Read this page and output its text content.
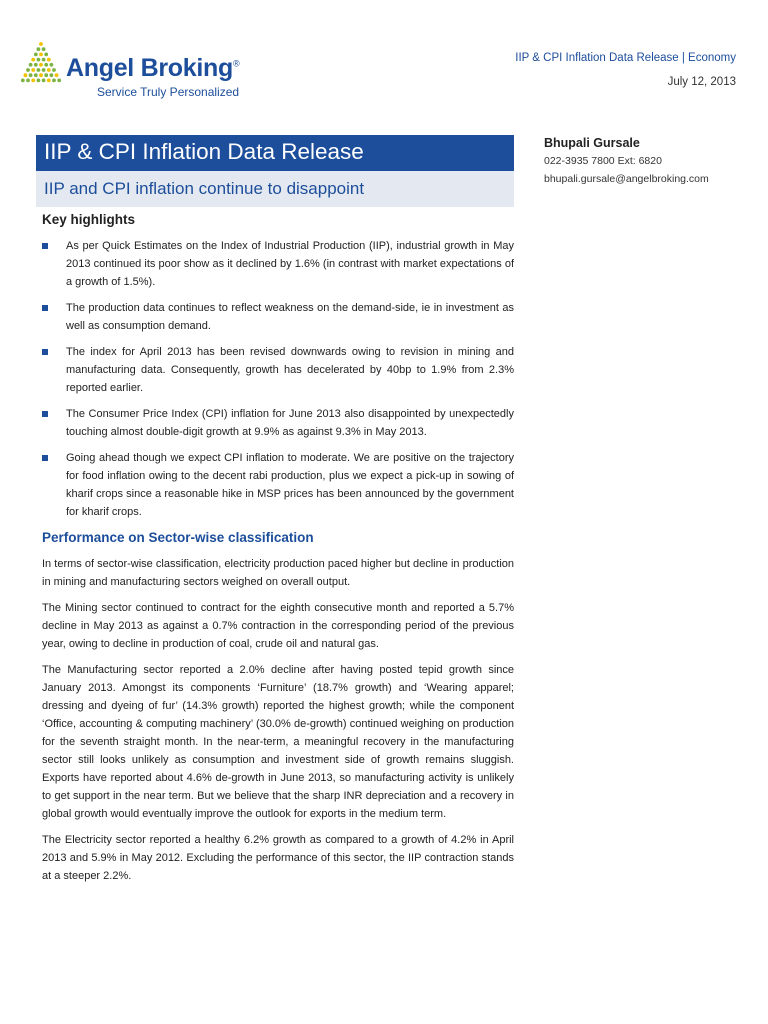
Angel Broking®
Service Truly Personalized
IIP & CPI Inflation Data Release | Economy
July 12, 2013
IIP & CPI Inflation Data Release
IIP and CPI inflation continue to disappoint
Bhupali Gursale
022-3935 7800 Ext: 6820
bhupali.gursale@angelbroking.com
Key highlights
As per Quick Estimates on the Index of Industrial Production (IIP), industrial growth in May 2013 continued its poor show as it declined by 1.6% (in contrast with market expectations of a growth of 1.5%).
The production data continues to reflect weakness on the demand-side, ie in investment as well as consumption demand.
The index for April 2013 has been revised downwards owing to revision in mining and manufacturing data. Consequently, growth has decelerated by 40bp to 1.9% from 2.3% reported earlier.
The Consumer Price Index (CPI) inflation for June 2013 also disappointed by unexpectedly touching almost double-digit growth at 9.9% as against 9.3% in May 2013.
Going ahead though we expect CPI inflation to moderate. We are positive on the trajectory for food inflation owing to the decent rabi production, plus we expect a pick-up in sowing of kharif crops since a reasonable hike in MSP prices has been announced by the government for kharif crops.
Performance on Sector-wise classification

In terms of sector-wise classification, electricity production paced higher but decline in production in mining and manufacturing sectors weighed on overall output.

The Mining sector continued to contract for the eighth consecutive month and reported a 5.7% decline in May 2013 as against a 0.7% contraction in the corresponding period of the previous year, owing to decline in production of coal, crude oil and natural gas.

The Manufacturing sector reported a 2.0% decline after having posted tepid growth since January 2013. Amongst its components ‘Furniture’ (18.7% growth) and ‘Wearing apparel; dressing and dyeing of fur’ (14.3% growth) reported the highest growth; while the component ‘Office, accounting & computing machinery’ (30.0% de-growth) continued weighing on production for the seventh straight month. In the near-term, a meaningful recovery in the manufacturing sector still looks unlikely as consumption and investment side of growth remains sluggish. Exports have reported about 4.6% de-growth in June 2013, so manufacturing activity is unlikely to get support in the near term. But we believe that the sharp INR depreciation and a recovery in global growth would eventually improve the outlook for exports in the medium term.

The Electricity sector reported a healthy 6.2% growth as compared to a growth of 4.2% in April 2013 and 5.9% in May 2012. Excluding the performance of this sector, the IIP contraction stands at a steeper 2.2%.
